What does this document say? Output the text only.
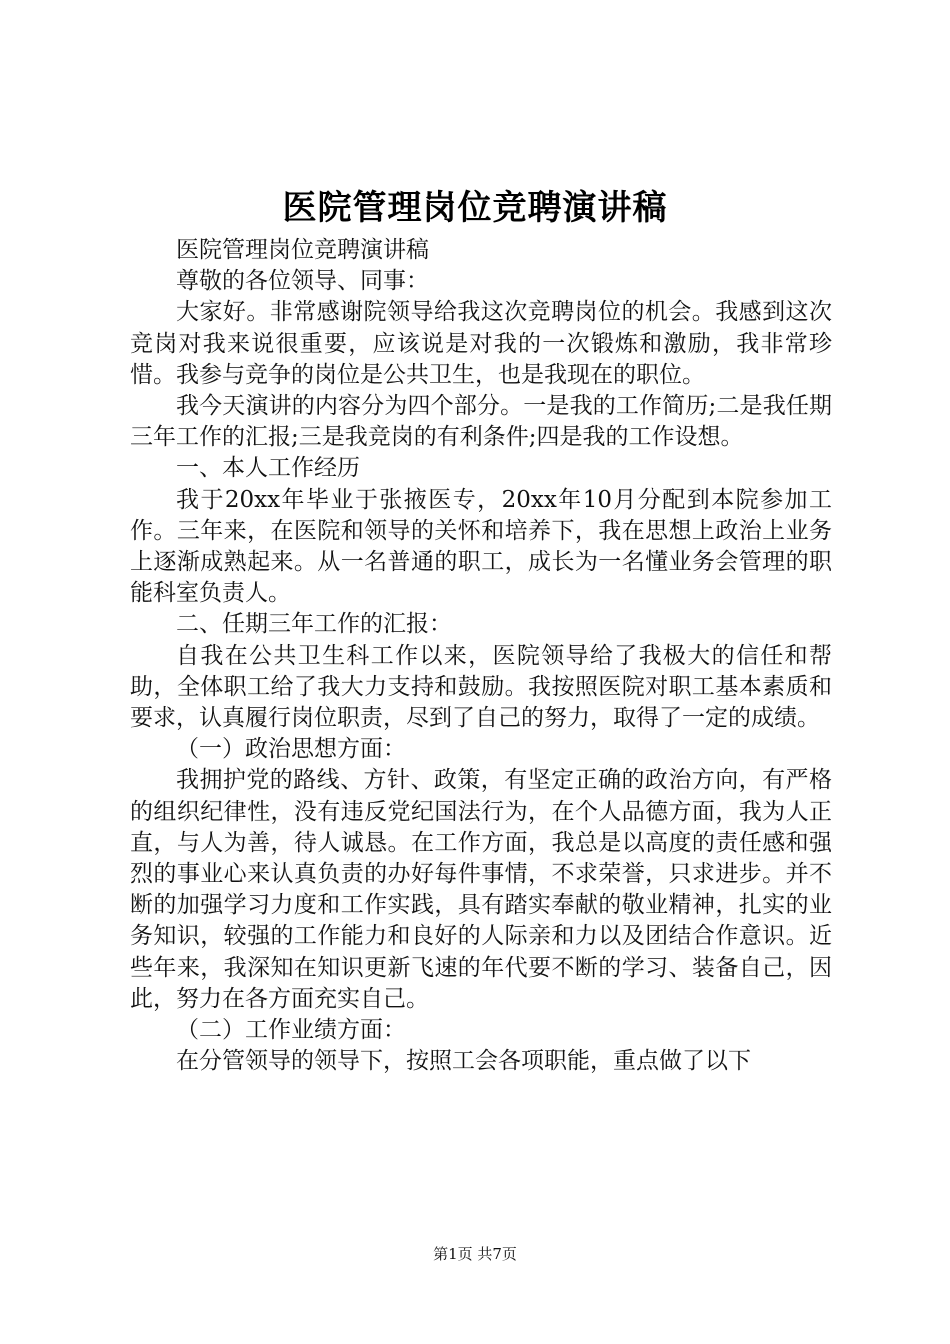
医院管理岗位竞聘演讲稿

医院管理岗位竞聘演讲稿

尊敬的各位领导、同事：

大家好。非常感谢院领导给我这次竞聘岗位的机会。我感到这次竞岗对我来说很重要，应该说是对我的一次锻炼和激励，我非常珍惜。我参与竞争的岗位是公共卫生，也是我现在的职位。

我今天演讲的内容分为四个部分。一是我的工作简历;二是我任期三年工作的汇报;三是我竞岗的有利条件;四是我的工作设想。

一、本人工作经历

我于20xx年毕业于张掖医专，20xx年10月分配到本院参加工作。三年来，在医院和领导的关怀和培养下，我在思想上政治上业务上逐渐成熟起来。从一名普通的职工，成长为一名懂业务会管理的职能科室负责人。

二、任期三年工作的汇报：

自我在公共卫生科工作以来，医院领导给了我极大的信任和帮助，全体职工给了我大力支持和鼓励。我按照医院对职工基本素质和要求，认真履行岗位职责，尽到了自己的努力，取得了一定的成绩。

（一）政治思想方面：

我拥护党的路线、方针、政策，有坚定正确的政治方向，有严格的组织纪律性，没有违反党纪国法行为，在个人品德方面，我为人正直，与人为善，待人诚恳。在工作方面，我总是以高度的责任感和强烈的事业心来认真负责的办好每件事情，不求荣誉，只求进步。并不断的加强学习力度和工作实践，具有踏实奉献的敬业精神，扎实的业务知识，较强的工作能力和良好的人际亲和力以及团结合作意识。近些年来，我深知在知识更新飞速的年代要不断的学习、装备自己，因此，努力在各方面充实自己。

（二）工作业绩方面：

在分管领导的领导下，按照工会各项职能，重点做了以下

第1页 共7页
